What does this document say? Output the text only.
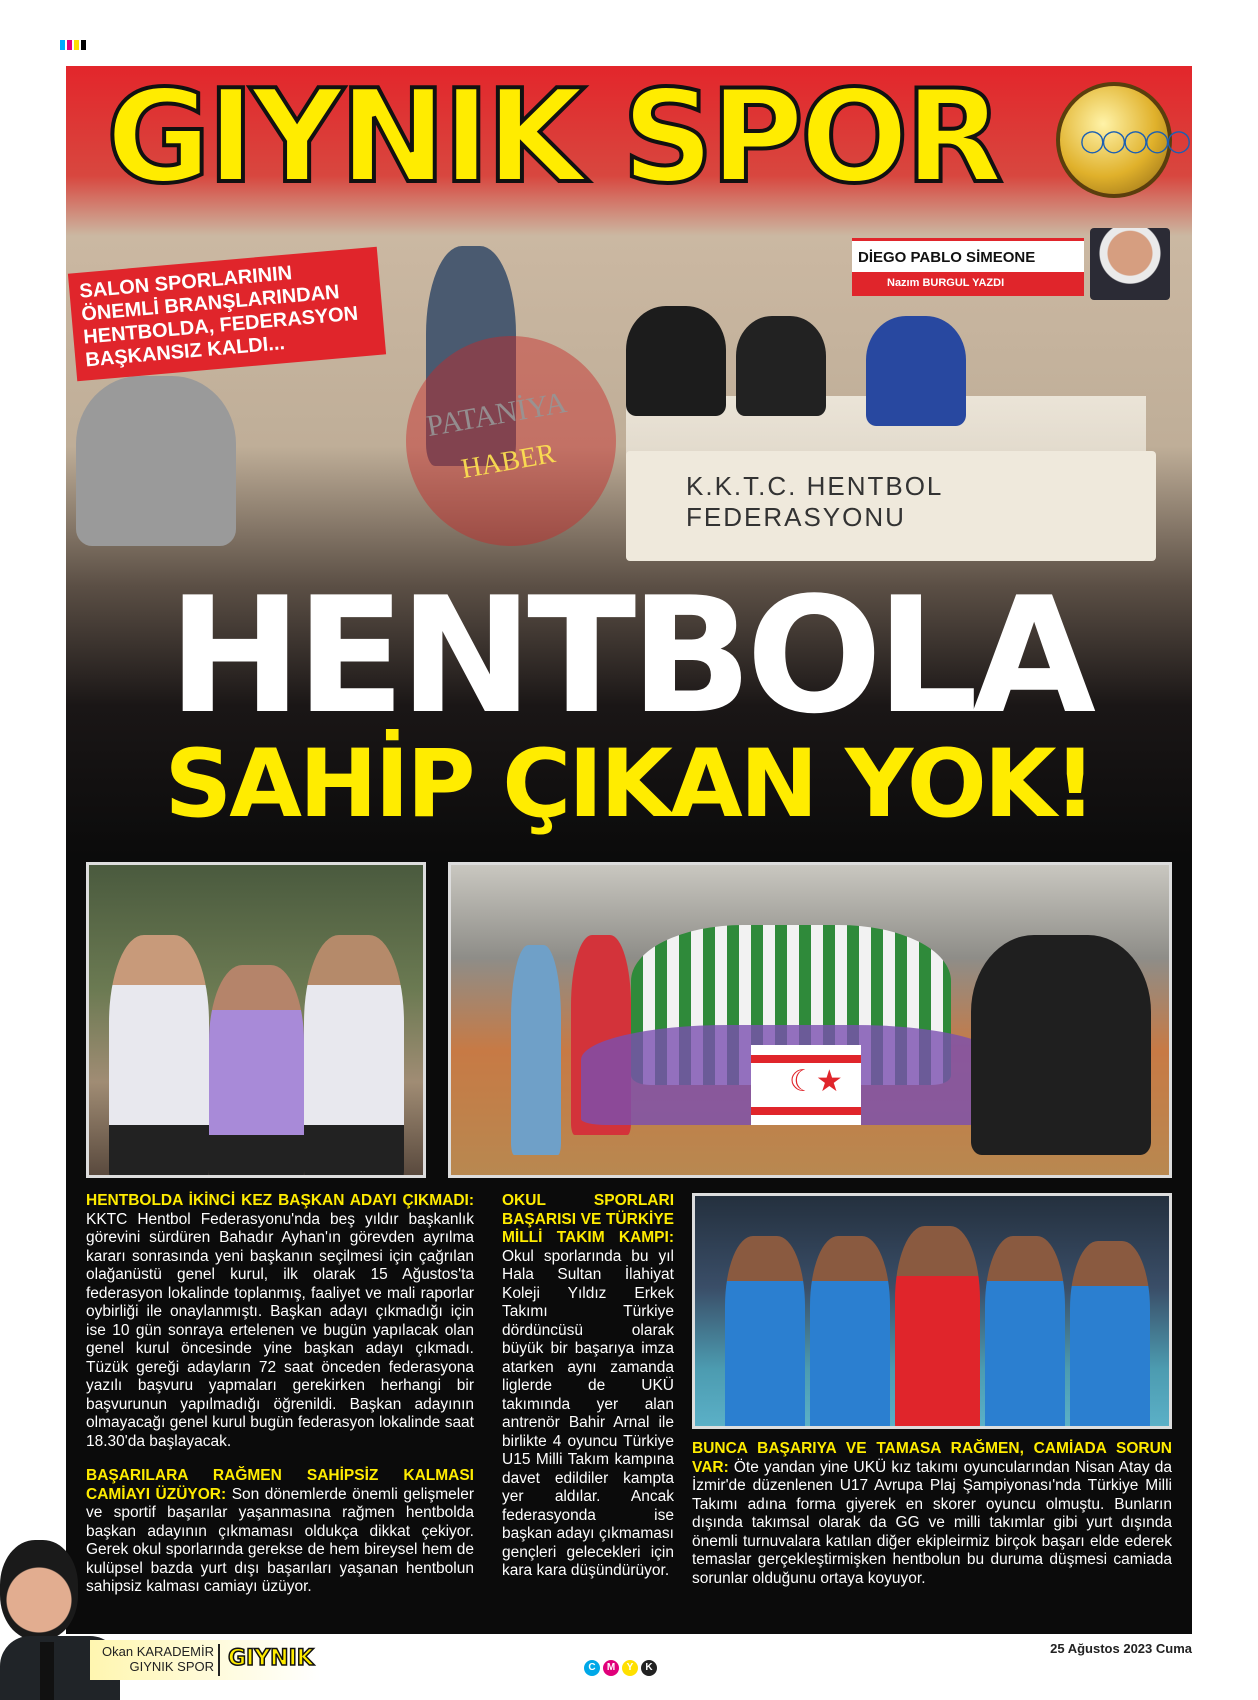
K.K.T.C. HENTBOL FEDERASYONU
◯◯◯◯◯
GIYNIK SPOR
DİEGO PABLO SİMEONE
Nazım BURGUL YAZDI
SALON SPORLARININ ÖNEMLİ BRANŞLARINDAN HENTBOLDA, FEDERASYON BAŞKANSIZ KALDI...
PATANİYA
HABER
HENTBOLA
SAHİP ÇIKAN YOK!
☾★
HENTBOLDA İKİNCİ KEZ BAŞKAN ADAYI ÇIKMADI: KKTC Hentbol Federasyonu'nda beş yıldır başkanlık görevini sürdüren Bahadır Ayhan'ın görevden ayrılma kararı sonrasında yeni başkanın seçilmesi için çağrılan olağanüstü genel kurul, ilk olarak 15 Ağustos'ta federasyon lokalinde toplanmış, faaliyet ve mali raporlar oybirliği ile onaylanmıştı. Başkan adayı çıkmadığı için ise 10 gün sonraya ertelenen ve bugün yapılacak olan genel kurul öncesinde yine başkan adayı çıkmadı. Tüzük gereği adayların 72 saat önceden federasyona yazılı başvuru yapmaları gerekirken herhangi bir başvurunun yapılmadığı öğrenildi. Başkan adayının olmayacağı genel kurul bugün federasyon lokalinde saat 18.30'da başlayacak.
BAŞARILARA RAĞMEN SAHİPSİZ KALMASI CAMİAYI ÜZÜYOR: Son dönemlerde önemli gelişmeler ve sportif başarılar yaşanmasına rağmen hentbolda başkan adayının çıkmaması oldukça dikkat çekiyor. Gerek okul sporlarında gerekse de hem bireysel hem de kulüpsel bazda yurt dışı başarıları yaşanan hentbolun sahipsiz kalması camiayı üzüyor.
OKUL SPORLARI BAŞARISI VE TÜRKİYE MİLLİ TAKIM KAMPI: Okul sporlarında bu yıl Hala Sultan İlahiyat Koleji Yıldız Erkek Takımı Türkiye dördüncüsü olarak büyük bir başarıya imza atarken aynı zamanda liglerde de UKÜ takımında yer alan antrenör Bahir Arnal ile birlikte 4 oyuncu Türkiye U15 Milli Takım kampına davet edildiler kampta yer aldılar. Ancak federasyonda ise başkan adayı çıkmaması gençleri gelecekleri için kara kara düşündürüyor.
BUNCA BAŞARIYA VE TAMASA RAĞMEN, CAMİADA SORUN VAR: Öte yandan yine UKÜ kız takımı oyuncularından Nisan Atay da İzmir'de düzenlenen U17 Avrupa Plaj Şampiyonası'nda Türkiye Milli Takımı adına forma giyerek en skorer oyuncu olmuştu. Bunların dışında takımsal olarak da GG ve milli takımlar gibi yurt dışında önemli turnuvalara katılan diğer ekipleirmiz birçok başarı elde ederek temaslar gerçekleştirmişken hentbolun bu duruma düşmesi camiada sorunlar olduğunu ortaya koyuyor.
Okan KARADEMİR
GIYNIK SPOR GIYNIK	25 Ağustos 2023 Cuma
C	M	Y	K
